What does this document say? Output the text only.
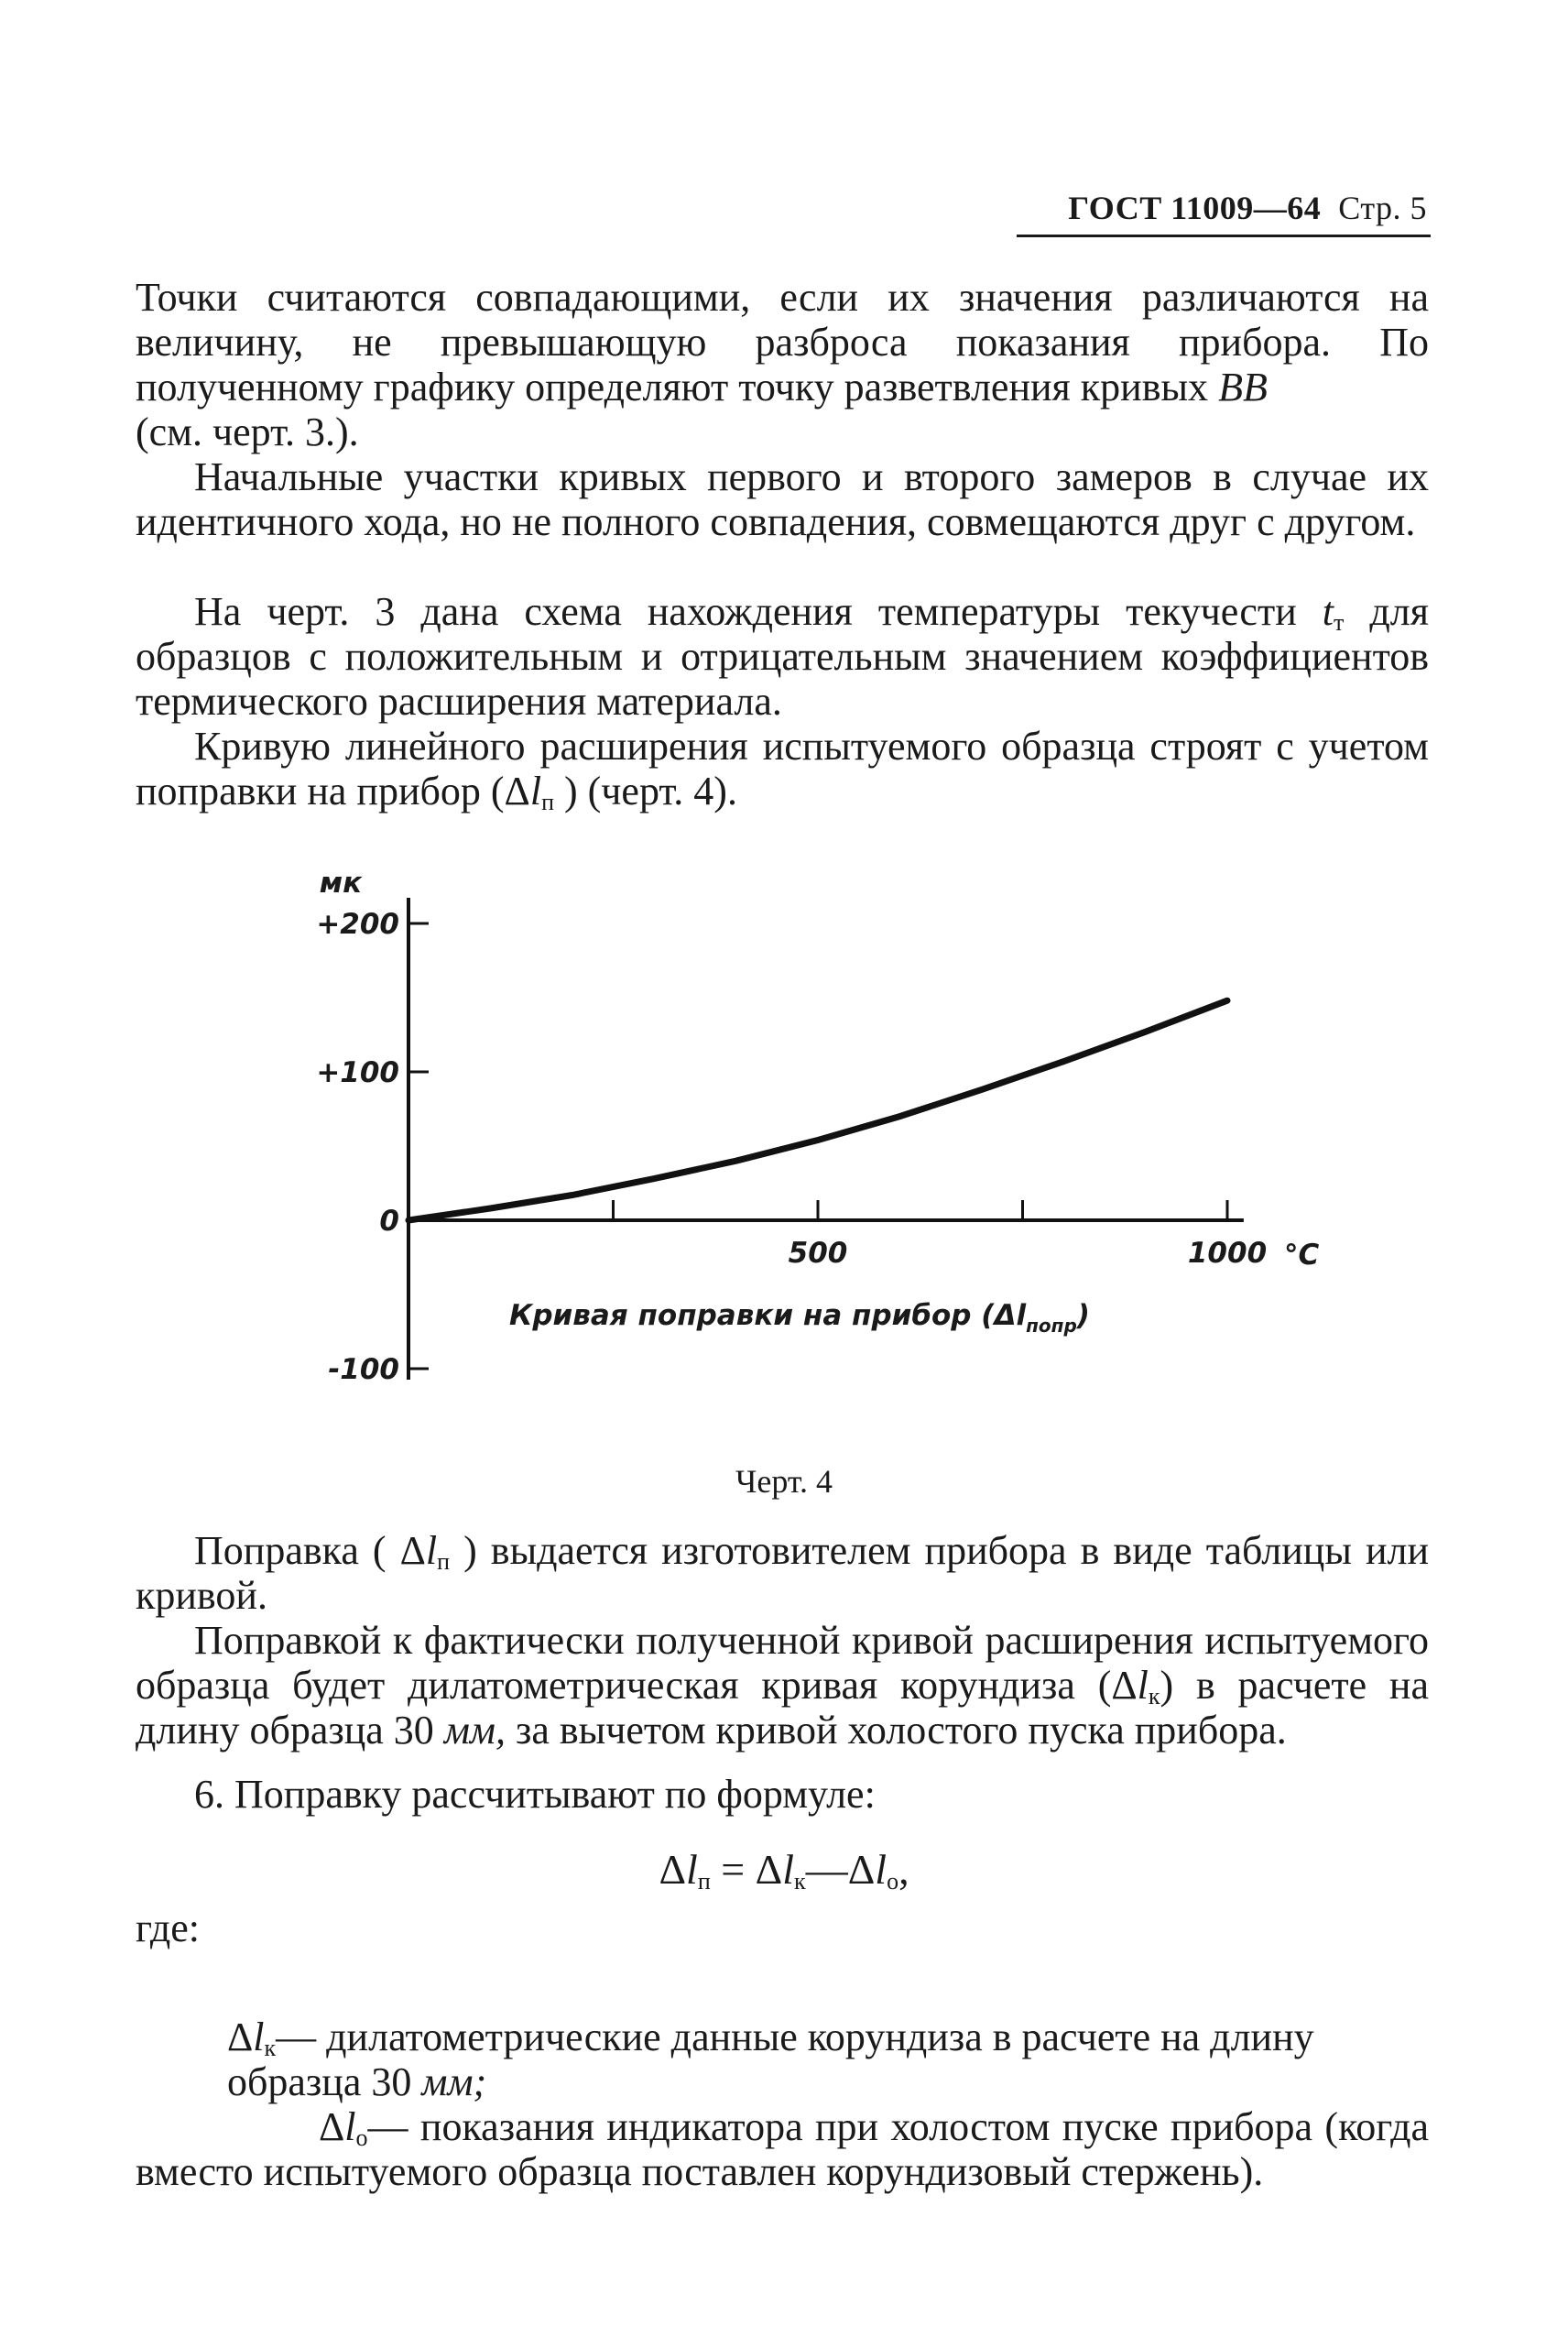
ГОСТ 11009—64 Стр. 5

Точки считаются совпадающими, если их значения различаются на величину, не превышающую разброса показания прибора. По полученному графику определяют точку разветвления кривых ВВ
(см. черт. 3.).

Начальные участки кривых первого и второго замеров в случае их идентичного хода, но не полного совпадения, совмещаются друг с другом.

На черт. 3 дана схема нахождения температуры текучести $t_т$ для образцов с положительным и отрицательным значением коэффициентов термического расширения материала.

Кривую линейного расширения испытуемого образца строят с учетом поправки на прибор ($\Delta l_п$ ) (черт. 4).

+200
+100
0
-100
500	1000
мк
°C
Кривая поправки на прибор $(\Delta l_{попр})$
Черт. 4

Поправка ( $\Delta l_п$ ) выдается изготовителем прибора в виде таблицы или кривой.

Поправкой к фактически полученной кривой расширения испытуемого образца будет дилатометрическая кривая корундиза $(\Delta l_к)$ в расчете на длину образца 30 мм, за вычетом кривой холостого пуска прибора.

6. Поправку рассчитывают по формуле:

$\Delta l_п$ = $\Delta l_к—\Delta l_о$,

где:

$\Delta l_к—$ дилатометрические данные корундиза в расчете на длину образца 30 мм;

$\Delta l_о—$ показания индикатора при холостом пуске прибора (когда вместо испытуемого образца поставлен корундизовый стержень).
